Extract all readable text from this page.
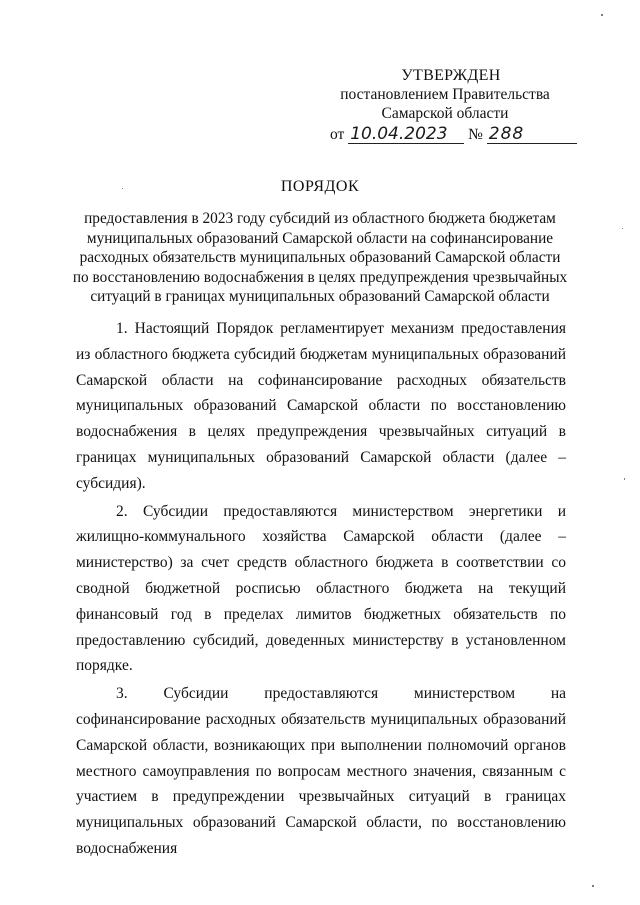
УТВЕРЖДЕН
постановлением Правительства
Самарской области
от 10.04.2023 № 288
ПОРЯДОК
предоставления в 2023 году субсидий из областного бюджета бюджетам
муниципальных образований Самарской области на софинансирование
расходных обязательств муниципальных образований Самарской области
по восстановлению водоснабжения в целях предупреждения чрезвычайных
ситуаций в границах муниципальных образований Самарской области

1. Настоящий Порядок регламентирует механизм предоставления из областного бюджета субсидий бюджетам муниципальных образований Самарской области на софинансирование расходных обязательств муниципальных образований Самарской области по восстановлению водоснабжения в целях предупреждения чрезвычайных ситуаций в границах муниципальных образований Самарской области (далее – субсидия).

2. Субсидии предоставляются министерством энергетики и жилищно-коммунального хозяйства Самарской области (далее – министерство) за счет средств областного бюджета в соответствии со сводной бюджетной росписью областного бюджета на текущий финансовый год в пределах лимитов бюджетных обязательств по предоставлению субсидий, доведенных министерству в установленном порядке.

3. Субсидии предоставляются министерством на софинансирование расходных обязательств муниципальных образований Самарской области, возникающих при выполнении полномочий органов местного самоуправления по вопросам местного значения, связанным с участием в предупреждении чрезвычайных ситуаций в границах муниципальных образований Самарской области, по восстановлению водоснабжения
